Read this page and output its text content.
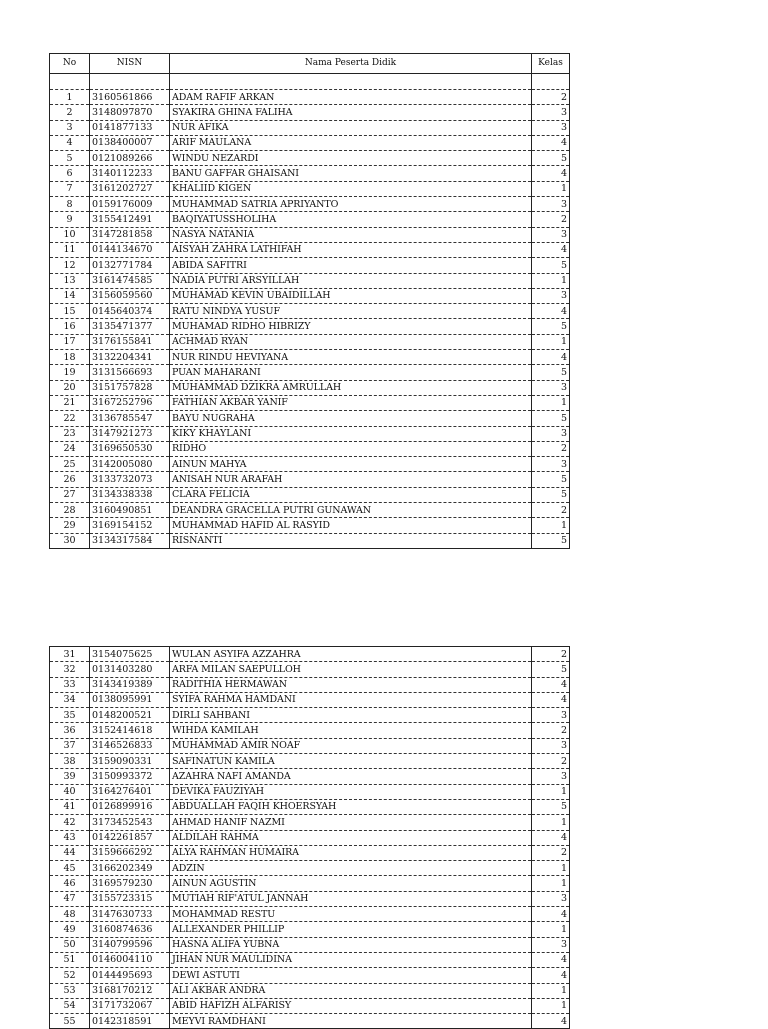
No	NISN	Nama Peserta Didik	Kelas

1	3160561866	ADAM RAFIF ARKAN	2
2	3148097870	SYAKIRA GHINA FALIHA	3
3	0141877133	NUR AFIKA	3
4	0138400007	ARIF MAULANA	4
5	0121089266	WINDU NEZARDI	5
6	3140112233	BANU GAFFAR GHAISANI	4
7	3161202727	KHALIID KIGEN	1
8	0159176009	MUHAMMAD SATRIA APRIYANTO	3
9	3155412491	BAQIYATUSSHOLIHA	2
10	3147281858	NASYA NATANIA	3
11	0144134670	AISYAH ZAHRA LATHIFAH	4
12	0132771784	ABIDA SAFITRI	5
13	3161474585	NADIA PUTRI ARSYILLAH	1
14	3156059560	MUHAMAD KEVIN UBAIDILLAH	3
15	0145640374	RATU NINDYA YUSUF	4
16	3135471377	MUHAMAD RIDHO HIBRIZY	5
17	3176155841	ACHMAD RYAN	1
18	3132204341	NUR RINDU HEVIYANA	4
19	3131566693	PUAN MAHARANI	5
20	3151757828	MUHAMMAD DZIKRA AMRULLAH	3
21	3167252796	FATHIAN AKBAR YANIF	1
22	3136785547	BAYU NUGRAHA	5
23	3147921273	KIKY KHAYLANI	3
24	3169650530	RIDHO	2
25	3142005080	AINUN MAHYA	3
26	3133732073	ANISAH NUR ARAFAH	5
27	3134338338	CLARA FELICIA	5
28	3160490851	DEANDRA GRACELLA PUTRI GUNAWAN	2
29	3169154152	MUHAMMAD HAFID AL RASYID	1
30	3134317584	RISNANTI	5
31	3154075625	WULAN ASYIFA AZZAHRA	2
32	0131403280	ARFA MILAN SAEPULLOH	5
33	3143419389	RADITHIA HERMAWAN	4
34	0138095991	SYIFA RAHMA HAMDANI	4
35	0148200521	DIRLI SAHBANI	3
36	3152414618	WIHDA KAMILAH	2
37	3146526833	MUHAMMAD AMIR NOAF	3
38	3159090331	SAFINATUN KAMILA	2
39	3150993372	AZAHRA NAFI AMANDA	3
40	3164276401	DEVIKA FAUZIYAH	1
41	0126899916	ABDUALLAH FAQIH KHOERSYAH	5
42	3173452543	AHMAD HANIF NAZMI	1
43	0142261857	ALDILAH RAHMA	4
44	3159666292	ALYA RAHMAN HUMAIRA	2
45	3166202349	ADZIN	1
46	3169579230	AINUN AGUSTIN	1
47	3155723315	MUTIAH RIF'ATUL JANNAH	3
48	3147630733	MOHAMMAD RESTU	4
49	3160874636	ALLEXANDER PHILLIP	1
50	3140799596	HASNA ALIFA YUBNA	3
51	0146004110	JIHAN NUR MAULIDINA	4
52	0144495693	DEWI ASTUTI	4
53	3168170212	ALI AKBAR ANDRA	1
54	3171732067	ABID HAFIZH ALFARISY	1
55	0142318591	MEYVI RAMDHANI	4
